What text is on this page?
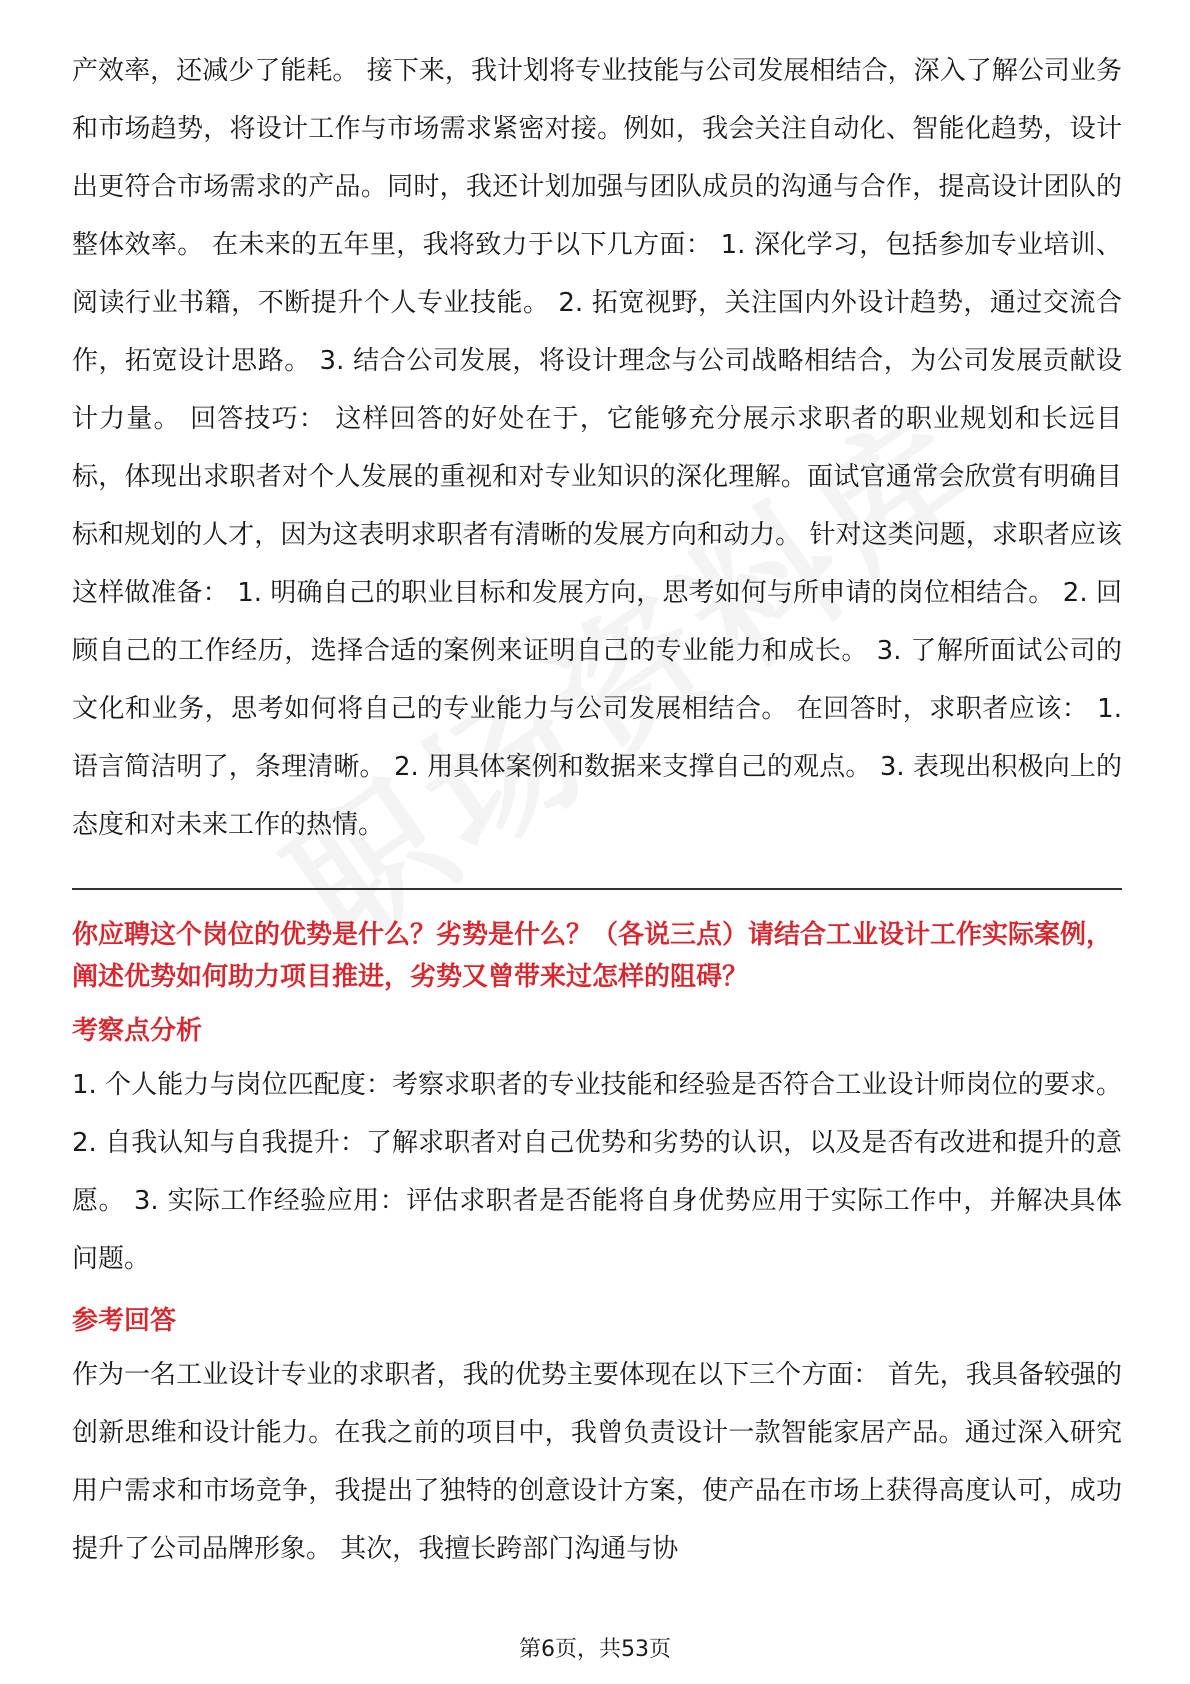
产效率，还减少了能耗。 接下来，我计划将专业技能与公司发展相结合，深入了解公司业务和市场趋势，将设计工作与市场需求紧密对接。例如，我会关注自动化、智能化趋势，设计出更符合市场需求的产品。同时，我还计划加强与团队成员的沟通与合作，提高设计团队的整体效率。 在未来的五年里，我将致力于以下几方面： 1. 深化学习，包括参加专业培训、阅读行业书籍，不断提升个人专业技能。 2. 拓宽视野，关注国内外设计趋势，通过交流合作，拓宽设计思路。 3. 结合公司发展，将设计理念与公司战略相结合，为公司发展贡献设计力量。 回答技巧： 这样回答的好处在于，它能够充分展示求职者的职业规划和长远目标，体现出求职者对个人发展的重视和对专业知识的深化理解。面试官通常会欣赏有明确目标和规划的人才，因为这表明求职者有清晰的发展方向和动力。 针对这类问题，求职者应该这样做准备： 1. 明确自己的职业目标和发展方向，思考如何与所申请的岗位相结合。 2. 回顾自己的工作经历，选择合适的案例来证明自己的专业能力和成长。 3. 了解所面试公司的文化和业务，思考如何将自己的专业能力与公司发展相结合。 在回答时，求职者应该： 1. 语言简洁明了，条理清晰。 2. 用具体案例和数据来支撑自己的观点。 3. 表现出积极向上的态度和对未来工作的热情。

你应聘这个岗位的优势是什么？劣势是什么？（各说三点）请结合工业设计工作实际案例，阐述优势如何助力项目推进，劣势又曾带来过怎样的阻碍？

考察点分析

1. 个人能力与岗位匹配度：考察求职者的专业技能和经验是否符合工业设计师岗位的要求。 2. 自我认知与自我提升：了解求职者对自己优势和劣势的认识，以及是否有改进和提升的意愿。 3. 实际工作经验应用：评估求职者是否能将自身优势应用于实际工作中，并解决具体问题。

参考回答

作为一名工业设计专业的求职者，我的优势主要体现在以下三个方面： 首先，我具备较强的创新思维和设计能力。在我之前的项目中，我曾负责设计一款智能家居产品。通过深入研究用户需求和市场竞争，我提出了独特的创意设计方案，使产品在市场上获得高度认可，成功提升了公司品牌形象。 其次，我擅长跨部门沟通与协

第6页，共53页
